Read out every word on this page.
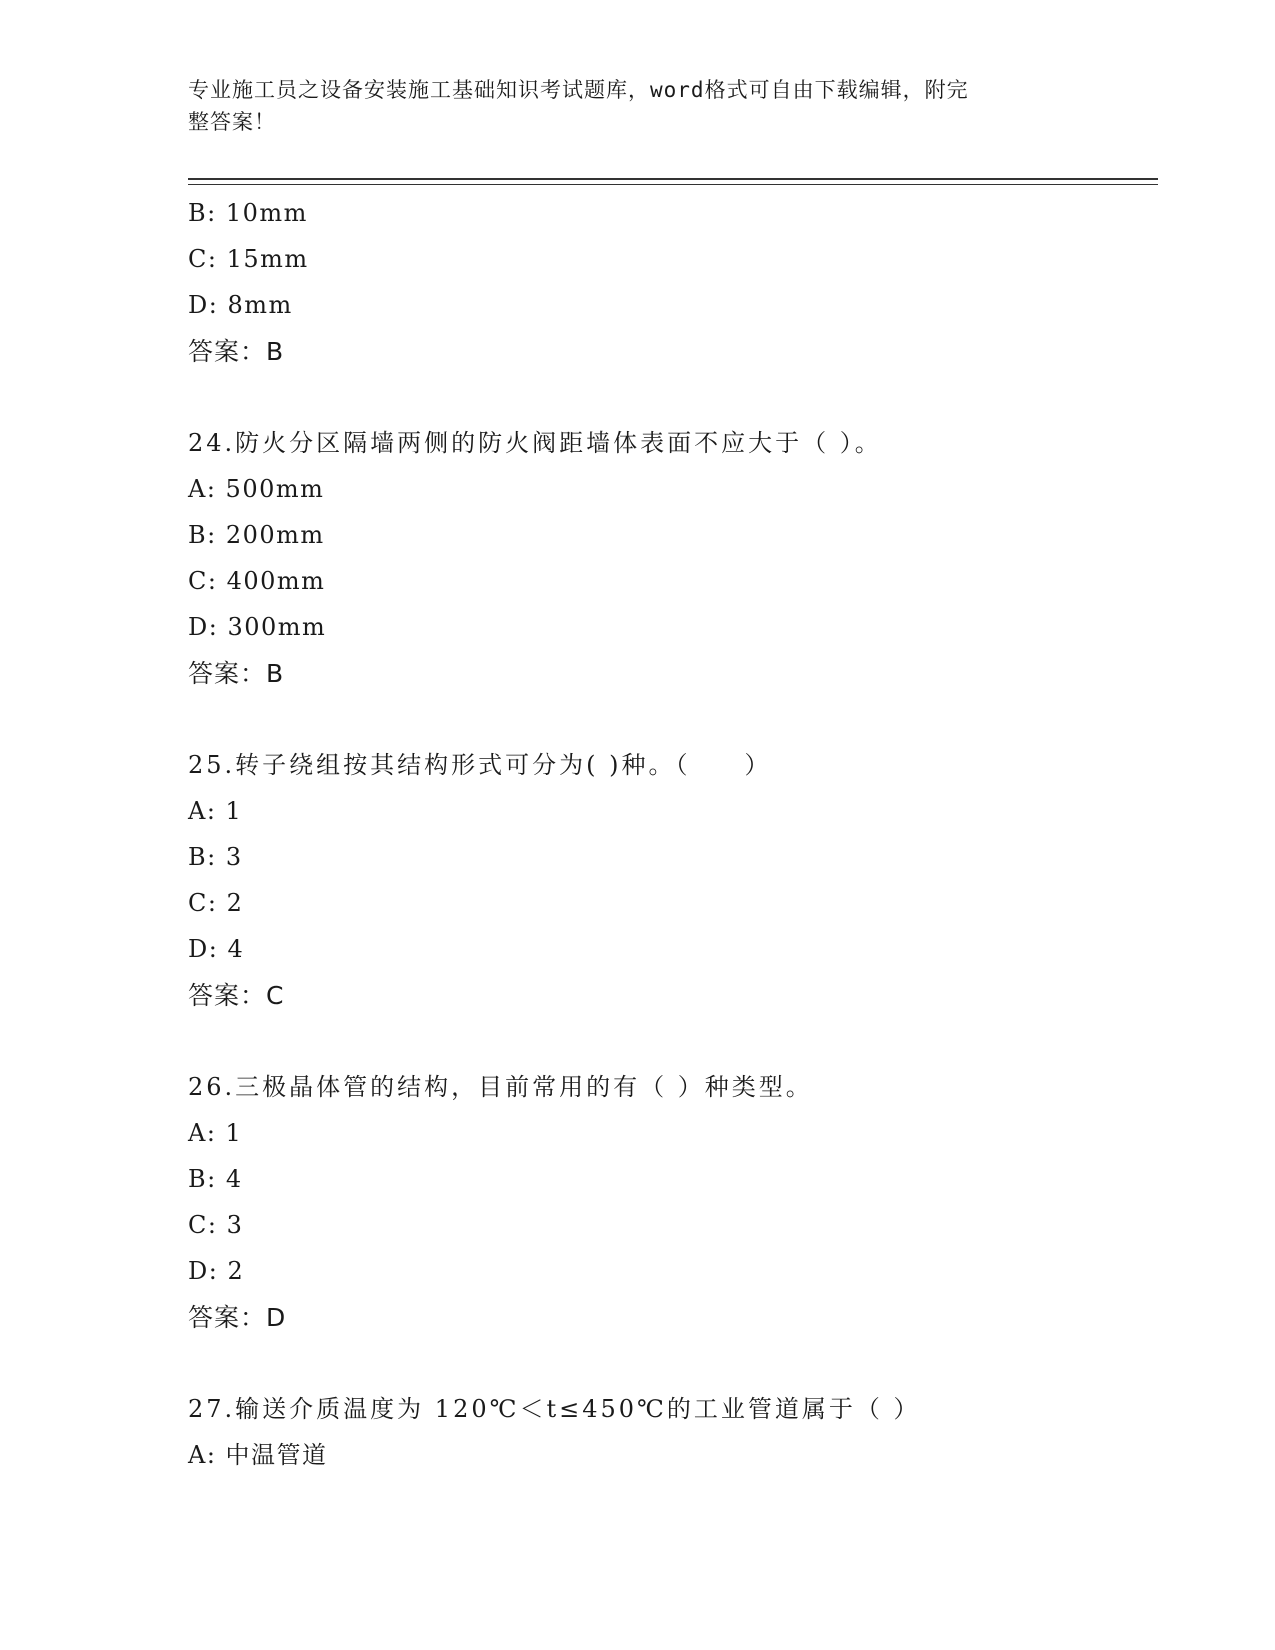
专业施工员之设备安装施工基础知识考试题库，word格式可自由下载编辑，附完
整答案！
B: 10mm
C: 15mm
D: 8mm
答案：B
24.防火分区隔墙两侧的防火阀距墙体表面不应大于（ ）。
A: 500mm
B: 200mm
C: 400mm
D: 300mm
答案：B
25.转子绕组按其结构形式可分为( )种。（　　）
A: 1
B: 3
C: 2
D: 4
答案：C
26.三极晶体管的结构，目前常用的有（ ）种类型。
A: 1
B: 4
C: 3
D: 2
答案：D
27.输送介质温度为 120℃＜t≤450℃的工业管道属于（ ）
A: 中温管道
